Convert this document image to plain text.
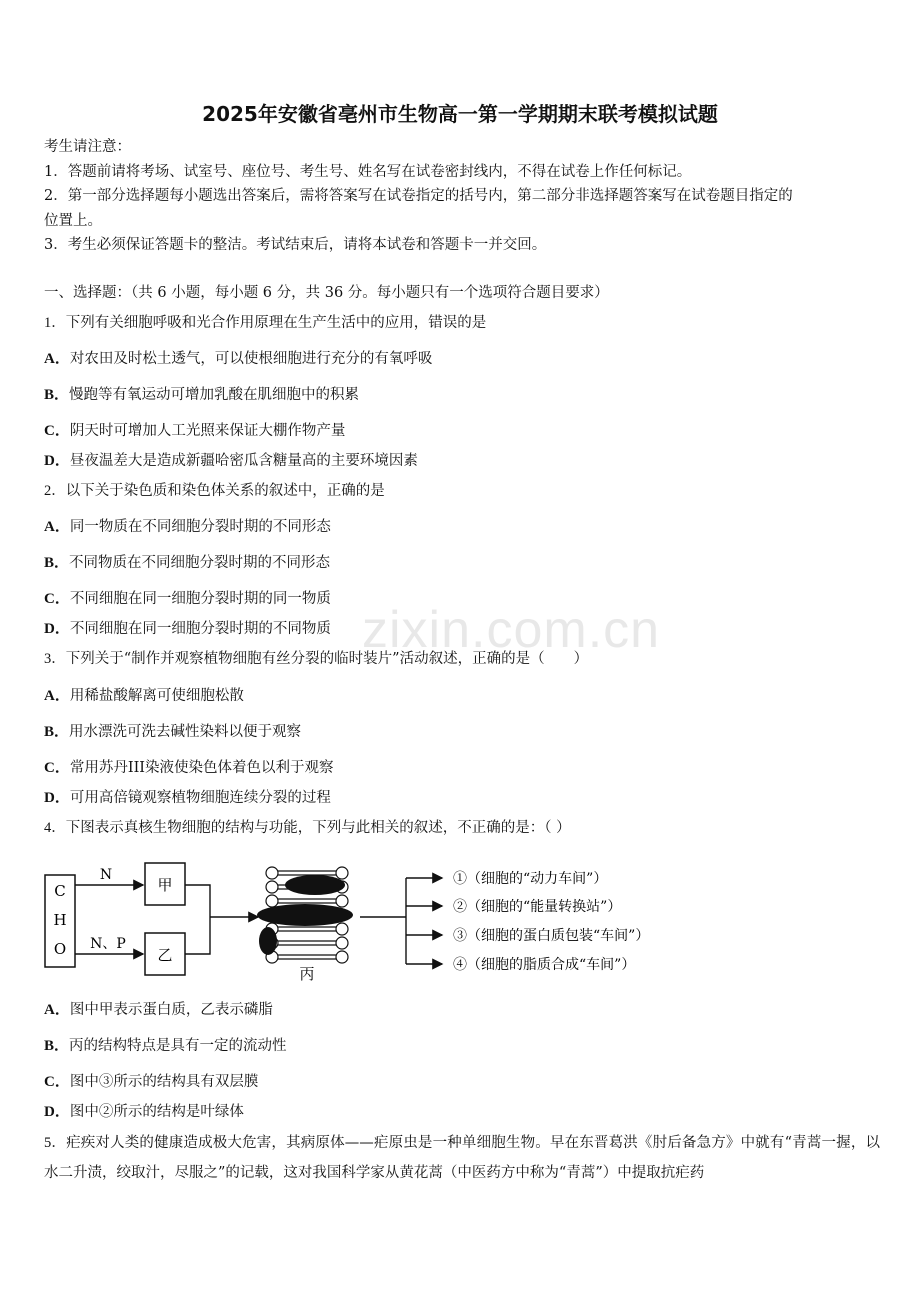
2025年安徽省亳州市生物高一第一学期期末联考模拟试题
考生请注意：
1．答题前请将考场、试室号、座位号、考生号、姓名写在试卷密封线内，不得在试卷上作任何标记。
2．第一部分选择题每小题选出答案后，需将答案写在试卷指定的括号内，第二部分非选择题答案写在试卷题目指定的
位置上。
3．考生必须保证答题卡的整洁。考试结束后，请将本试卷和答题卡一并交回。
一、选择题：（共 6 小题，每小题 6 分，共 36 分。每小题只有一个选项符合题目要求）
zixin.com.cn
1．下列有关细胞呼吸和光合作用原理在生产生活中的应用，错误的是
A．对农田及时松土透气，可以使根细胞进行充分的有氧呼吸
B．慢跑等有氧运动可增加乳酸在肌细胞中的积累
C．阴天时可增加人工光照来保证大棚作物产量
D．昼夜温差大是造成新疆哈密瓜含糖量高的主要环境因素
2．以下关于染色质和染色体关系的叙述中，正确的是
A．同一物质在不同细胞分裂时期的不同形态
B．不同物质在不同细胞分裂时期的不同形态
C．不同细胞在同一细胞分裂时期的同一物质
D．不同细胞在同一细胞分裂时期的不同物质
3．下列关于“制作并观察植物细胞有丝分裂的临时装片”活动叙述，正确的是（　　）
A．用稀盐酸解离可使细胞松散
B．用水漂洗可洗去碱性染料以便于观察
C．常用苏丹III染液使染色体着色以利于观察
D．可用高倍镜观察植物细胞连续分裂的过程
4．下图表示真核生物细胞的结构与功能，下列与此相关的叙述，不正确的是：（ ）
C
H
O
N
N、P
甲
乙
丙
①（细胞的“动力车间”）
②（细胞的“能量转换站”）
③（细胞的蛋白质包装“车间”）
④（细胞的脂质合成“车间”）
A．图中甲表示蛋白质，乙表示磷脂
B．丙的结构特点是具有一定的流动性
C．图中③所示的结构具有双层膜
D．图中②所示的结构是叶绿体
5．疟疾对人类的健康造成极大危害，其病原体——疟原虫是一种单细胞生物。早在东晋葛洪《肘后备急方》中就有“青蒿一握，以水二升渍，绞取汁，尽服之”的记载，这对我国科学家从黄花蒿（中医药方中称为“青蒿”）中提取抗疟药
